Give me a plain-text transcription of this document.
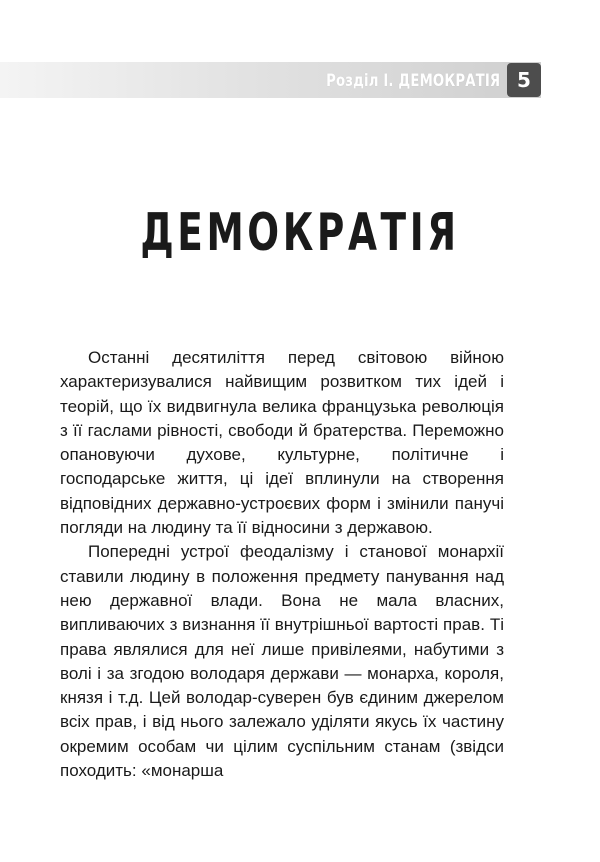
Розділ І. ДЕМОКРАТІЯ 5
ДЕМОКРАТІЯ

Останні десятиліття перед світовою війною характеризувалися найвищим розвитком тих ідей і теорій, що їх видвигнула велика французька революція з її гаслами рівності, свободи й братерства. Переможно опановуючи духове, культурне, політичне і господарське життя, ці ідеї вплинули на створення відповідних державно-устроєвих форм і змінили панучі погляди на людину та її відносини з державою.

Попередні устрої феодалізму і станової монархії ставили людину в положення предмету панування над нею державної влади. Вона не мала власних, випливаючих з визнання її внутрішньої вартості прав. Ті права являлися для неї лише привілеями, набутими з волі і за згодою володаря держави — монарха, короля, князя і т.д. Цей володар-суверен був єдиним джерелом всіх прав, і від нього залежало уділяти якусь їх частину окремим особам чи цілим суспільним станам (звідси походить: «монарша
